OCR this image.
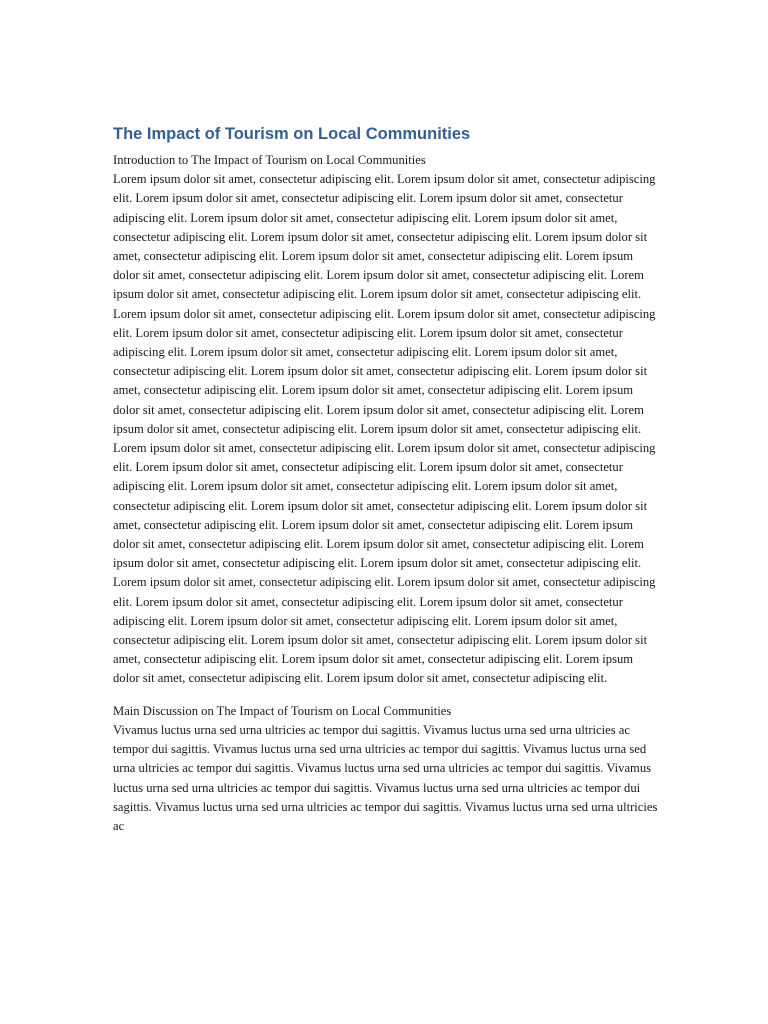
The Impact of Tourism on Local Communities

Introduction to The Impact of Tourism on Local Communities

Lorem ipsum dolor sit amet, consectetur adipiscing elit. Lorem ipsum dolor sit amet, consectetur adipiscing elit. Lorem ipsum dolor sit amet, consectetur adipiscing elit. Lorem ipsum dolor sit amet, consectetur adipiscing elit. Lorem ipsum dolor sit amet, consectetur adipiscing elit. Lorem ipsum dolor sit amet, consectetur adipiscing elit. Lorem ipsum dolor sit amet, consectetur adipiscing elit. Lorem ipsum dolor sit amet, consectetur adipiscing elit. Lorem ipsum dolor sit amet, consectetur adipiscing elit. Lorem ipsum dolor sit amet, consectetur adipiscing elit. Lorem ipsum dolor sit amet, consectetur adipiscing elit. Lorem ipsum dolor sit amet, consectetur adipiscing elit. Lorem ipsum dolor sit amet, consectetur adipiscing elit. Lorem ipsum dolor sit amet, consectetur adipiscing elit. Lorem ipsum dolor sit amet, consectetur adipiscing elit. Lorem ipsum dolor sit amet, consectetur adipiscing elit. Lorem ipsum dolor sit amet, consectetur adipiscing elit. Lorem ipsum dolor sit amet, consectetur adipiscing elit. Lorem ipsum dolor sit amet, consectetur adipiscing elit. Lorem ipsum dolor sit amet, consectetur adipiscing elit. Lorem ipsum dolor sit amet, consectetur adipiscing elit. Lorem ipsum dolor sit amet, consectetur adipiscing elit. Lorem ipsum dolor sit amet, consectetur adipiscing elit. Lorem ipsum dolor sit amet, consectetur adipiscing elit. Lorem ipsum dolor sit amet, consectetur adipiscing elit. Lorem ipsum dolor sit amet, consectetur adipiscing elit. Lorem ipsum dolor sit amet, consectetur adipiscing elit. Lorem ipsum dolor sit amet, consectetur adipiscing elit. Lorem ipsum dolor sit amet, consectetur adipiscing elit. Lorem ipsum dolor sit amet, consectetur adipiscing elit. Lorem ipsum dolor sit amet, consectetur adipiscing elit. Lorem ipsum dolor sit amet, consectetur adipiscing elit. Lorem ipsum dolor sit amet, consectetur adipiscing elit. Lorem ipsum dolor sit amet, consectetur adipiscing elit. Lorem ipsum dolor sit amet, consectetur adipiscing elit. Lorem ipsum dolor sit amet, consectetur adipiscing elit. Lorem ipsum dolor sit amet, consectetur adipiscing elit. Lorem ipsum dolor sit amet, consectetur adipiscing elit. Lorem ipsum dolor sit amet, consectetur adipiscing elit. Lorem ipsum dolor sit amet, consectetur adipiscing elit. Lorem ipsum dolor sit amet, consectetur adipiscing elit. Lorem ipsum dolor sit amet, consectetur adipiscing elit. Lorem ipsum dolor sit amet, consectetur adipiscing elit. Lorem ipsum dolor sit amet, consectetur adipiscing elit. Lorem ipsum dolor sit amet, consectetur adipiscing elit. Lorem ipsum dolor sit amet, consectetur adipiscing elit. Lorem ipsum dolor sit amet, consectetur adipiscing elit. Lorem ipsum dolor sit amet, consectetur adipiscing elit. Lorem ipsum dolor sit amet, consectetur adipiscing elit. Lorem ipsum dolor sit amet, consectetur adipiscing elit.

Main Discussion on The Impact of Tourism on Local Communities

Vivamus luctus urna sed urna ultricies ac tempor dui sagittis. Vivamus luctus urna sed urna ultricies ac tempor dui sagittis. Vivamus luctus urna sed urna ultricies ac tempor dui sagittis. Vivamus luctus urna sed urna ultricies ac tempor dui sagittis. Vivamus luctus urna sed urna ultricies ac tempor dui sagittis. Vivamus luctus urna sed urna ultricies ac tempor dui sagittis. Vivamus luctus urna sed urna ultricies ac tempor dui sagittis. Vivamus luctus urna sed urna ultricies ac tempor dui sagittis. Vivamus luctus urna sed urna ultricies ac
